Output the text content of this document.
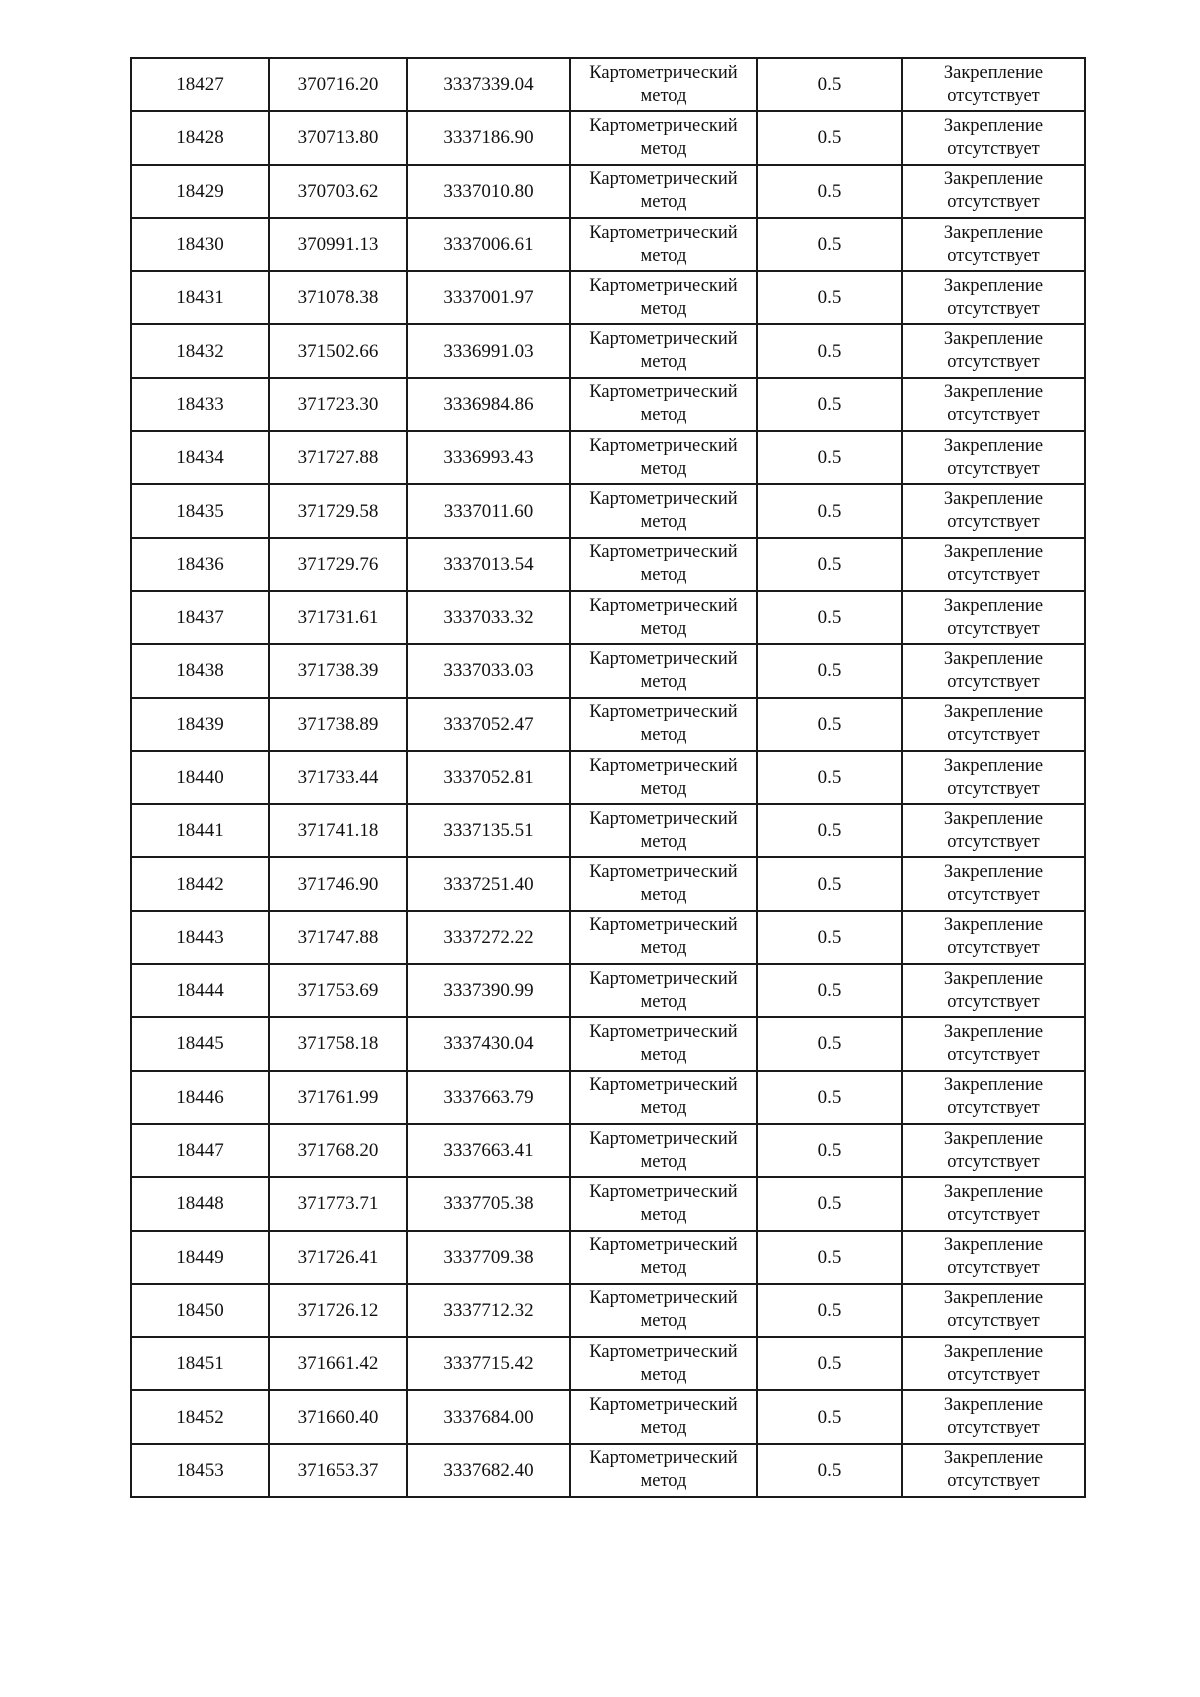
18427	370716.20	3337339.04	Картометрический
метод	0.5	Закрепление
отсутствует

18428	370713.80	3337186.90	Картометрический
метод	0.5	Закрепление
отсутствует

18429	370703.62	3337010.80	Картометрический
метод	0.5	Закрепление
отсутствует

18430	370991.13	3337006.61	Картометрический
метод	0.5	Закрепление
отсутствует

18431	371078.38	3337001.97	Картометрический
метод	0.5	Закрепление
отсутствует

18432	371502.66	3336991.03	Картометрический
метод	0.5	Закрепление
отсутствует

18433	371723.30	3336984.86	Картометрический
метод	0.5	Закрепление
отсутствует

18434	371727.88	3336993.43	Картометрический
метод	0.5	Закрепление
отсутствует

18435	371729.58	3337011.60	Картометрический
метод	0.5	Закрепление
отсутствует

18436	371729.76	3337013.54	Картометрический
метод	0.5	Закрепление
отсутствует

18437	371731.61	3337033.32	Картометрический
метод	0.5	Закрепление
отсутствует

18438	371738.39	3337033.03	Картометрический
метод	0.5	Закрепление
отсутствует

18439	371738.89	3337052.47	Картометрический
метод	0.5	Закрепление
отсутствует

18440	371733.44	3337052.81	Картометрический
метод	0.5	Закрепление
отсутствует

18441	371741.18	3337135.51	Картометрический
метод	0.5	Закрепление
отсутствует

18442	371746.90	3337251.40	Картометрический
метод	0.5	Закрепление
отсутствует

18443	371747.88	3337272.22	Картометрический
метод	0.5	Закрепление
отсутствует

18444	371753.69	3337390.99	Картометрический
метод	0.5	Закрепление
отсутствует

18445	371758.18	3337430.04	Картометрический
метод	0.5	Закрепление
отсутствует

18446	371761.99	3337663.79	Картометрический
метод	0.5	Закрепление
отсутствует

18447	371768.20	3337663.41	Картометрический
метод	0.5	Закрепление
отсутствует

18448	371773.71	3337705.38	Картометрический
метод	0.5	Закрепление
отсутствует

18449	371726.41	3337709.38	Картометрический
метод	0.5	Закрепление
отсутствует

18450	371726.12	3337712.32	Картометрический
метод	0.5	Закрепление
отсутствует

18451	371661.42	3337715.42	Картометрический
метод	0.5	Закрепление
отсутствует

18452	371660.40	3337684.00	Картометрический
метод	0.5	Закрепление
отсутствует

18453	371653.37	3337682.40	Картометрический
метод	0.5	Закрепление
отсутствует
